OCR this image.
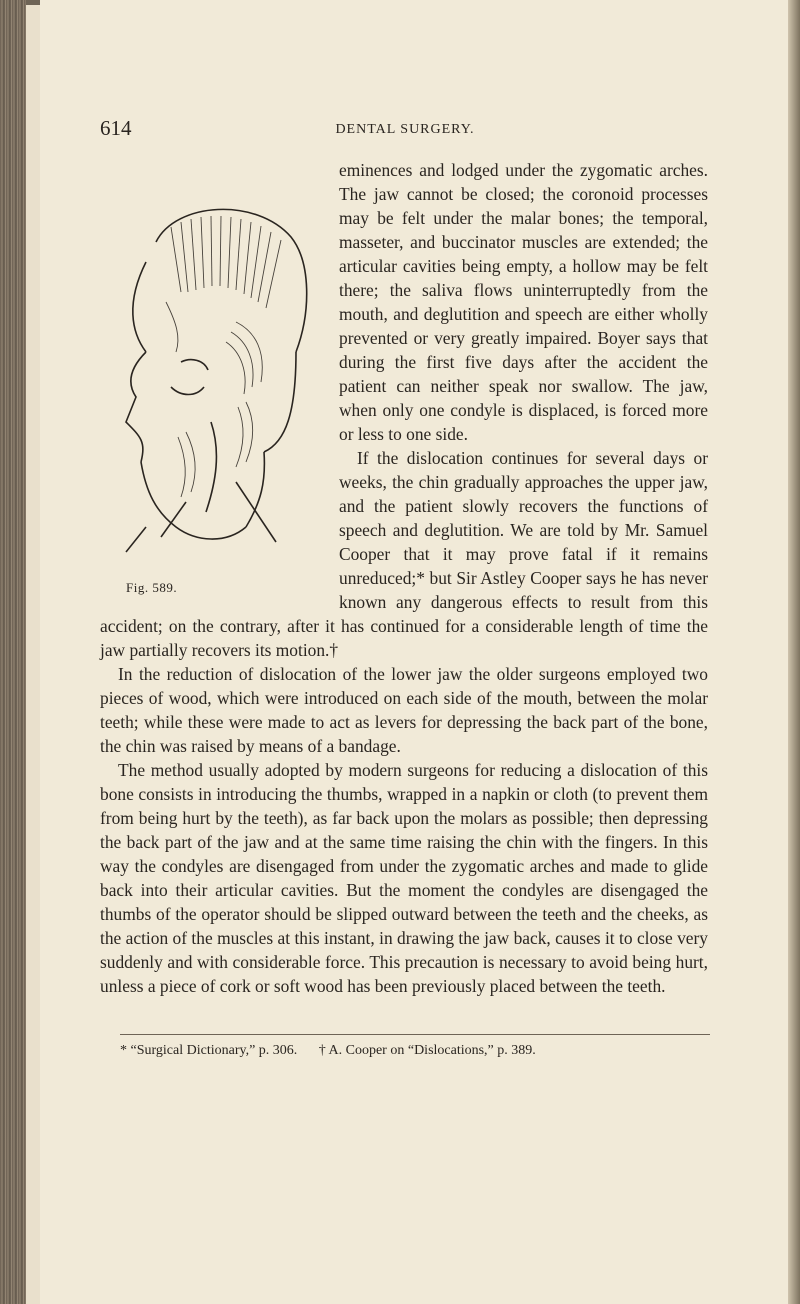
614	DENTAL SURGERY.

Fig. 589.
eminences and lodged under the zygomatic arches. The jaw cannot be closed; the coronoid processes may be felt under the malar bones; the temporal, masseter, and buccinator muscles are extended; the articular cavities being empty, a hollow may be felt there; the saliva flows uninterruptedly from the mouth, and deglutition and speech are either wholly prevented or very greatly impaired. Boyer says that during the first five days after the accident the patient can neither speak nor swallow. The jaw, when only one condyle is displaced, is forced more or less to one side.

If the dislocation continues for several days or weeks, the chin gradually approaches the upper jaw, and the patient slowly recovers the functions of speech and deglutition. We are told by Mr. Samuel Cooper that it may prove fatal if it remains unreduced;* but Sir Astley Cooper says he has never known any dangerous effects to result from this accident; on the contrary, after it has continued for a considerable length of time the jaw partially recovers its motion.†

In the reduction of dislocation of the lower jaw the older surgeons employed two pieces of wood, which were introduced on each side of the mouth, between the molar teeth; while these were made to act as levers for depressing the back part of the bone, the chin was raised by means of a bandage.

The method usually adopted by modern surgeons for reducing a dislocation of this bone consists in introducing the thumbs, wrapped in a napkin or cloth (to prevent them from being hurt by the teeth), as far back upon the molars as possible; then depressing the back part of the jaw and at the same time raising the chin with the fingers. In this way the condyles are disengaged from under the zygomatic arches and made to glide back into their articular cavities. But the moment the condyles are disengaged the thumbs of the operator should be slipped outward between the teeth and the cheeks, as the action of the muscles at this instant, in drawing the jaw back, causes it to close very suddenly and with considerable force. This precaution is necessary to avoid being hurt, unless a piece of cork or soft wood has been previously placed between the teeth.

* “Surgical Dictionary,” p. 306. † A. Cooper on “Dislocations,” p. 389.
